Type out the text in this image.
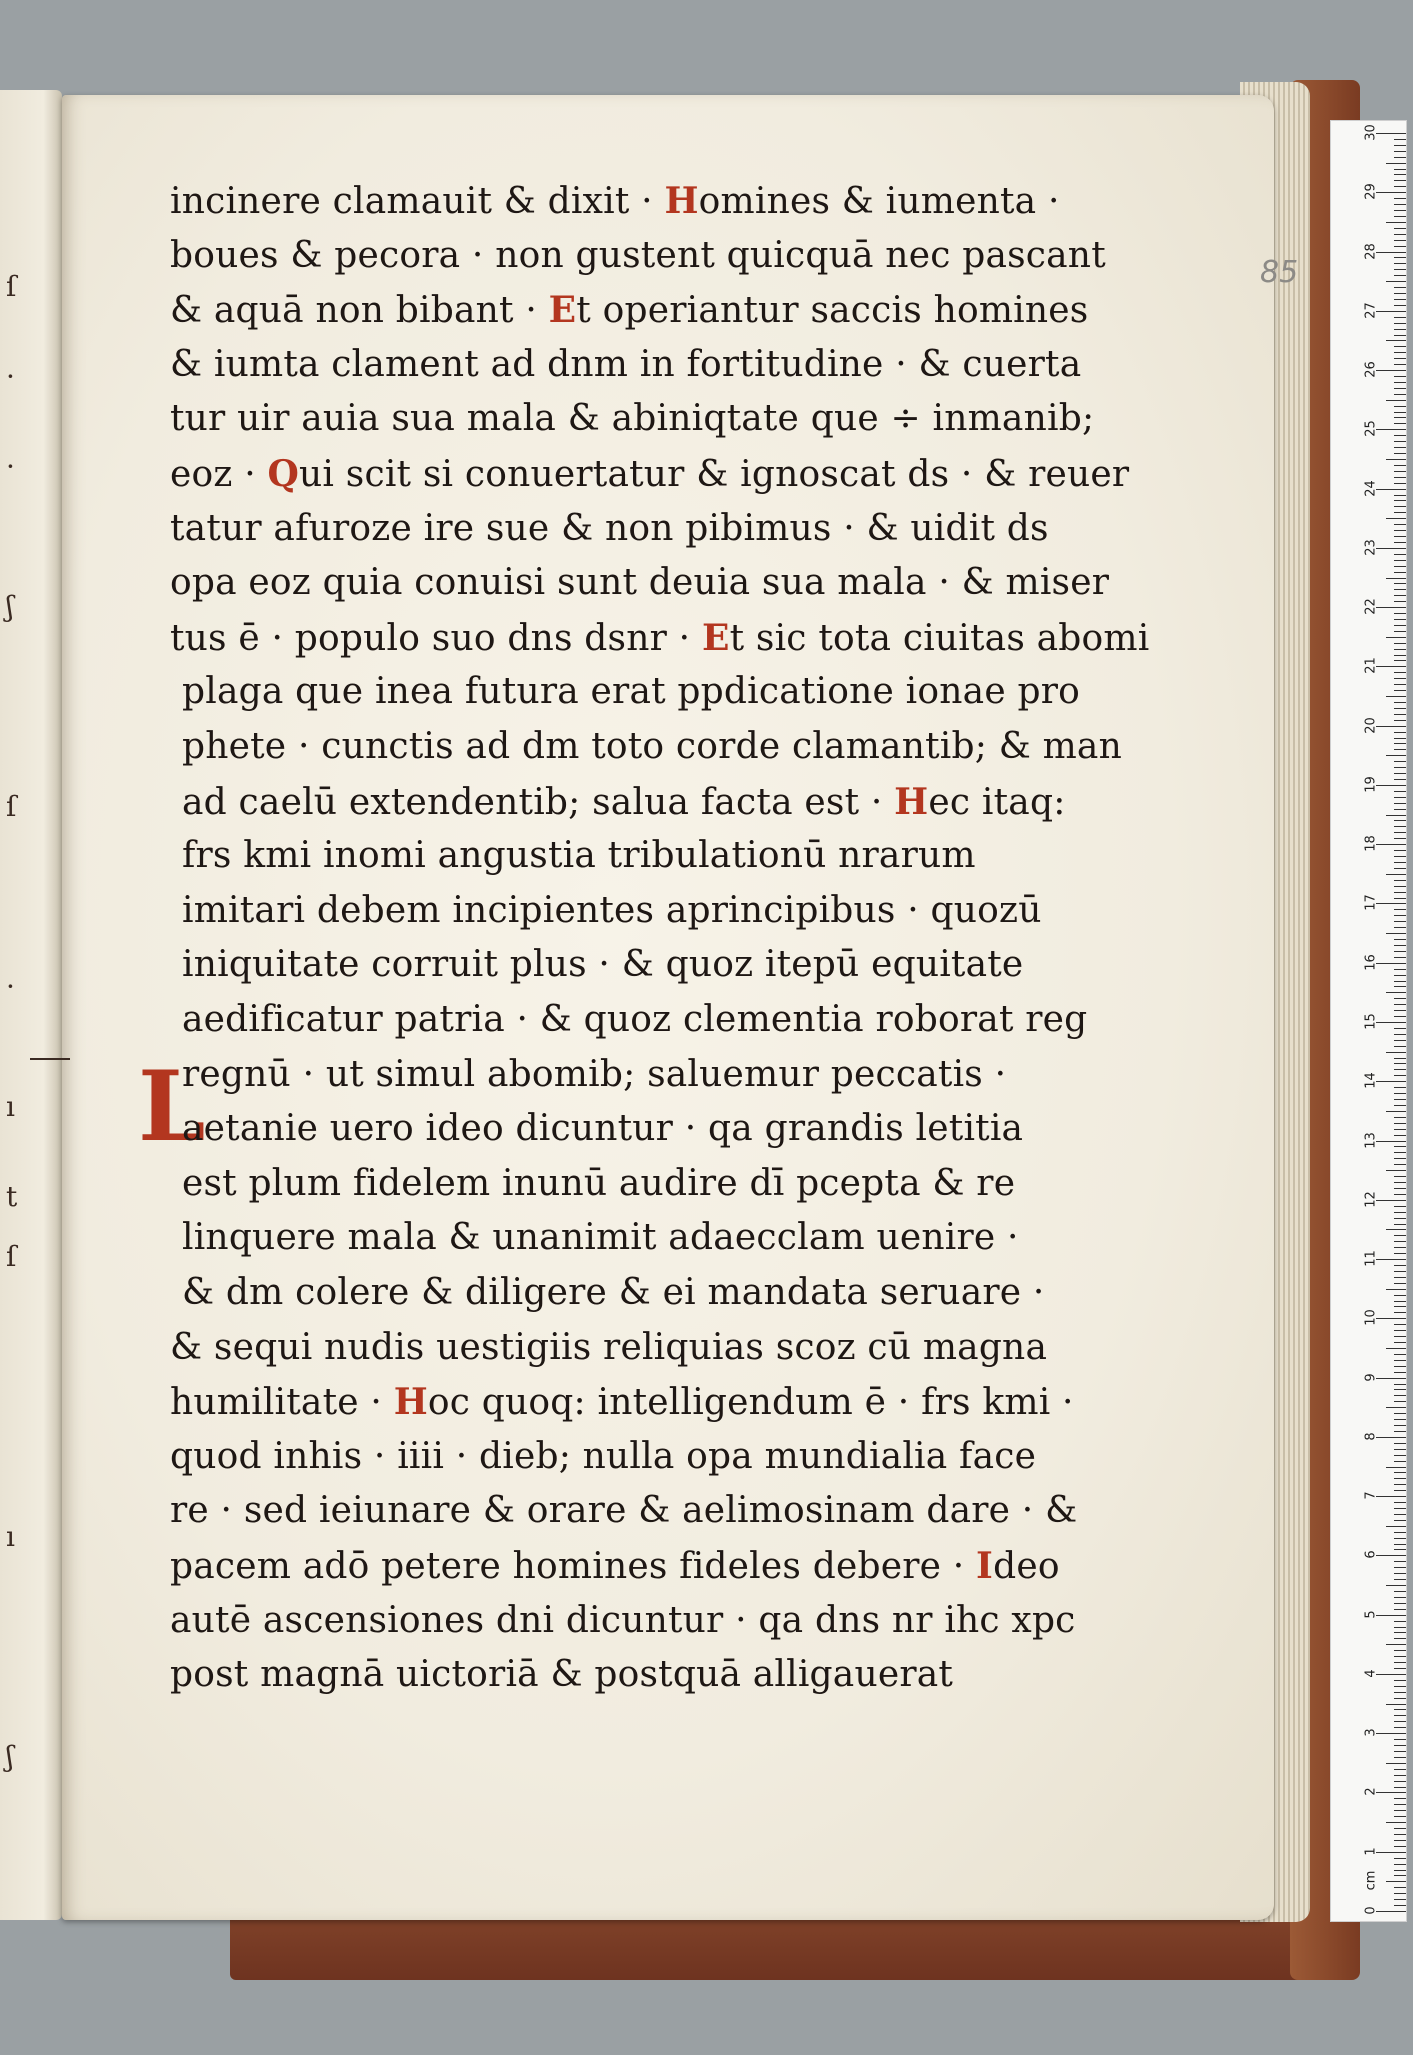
ſ
·
·
ʃ
ſ
·
ı
t
ſ
ı
ʃ
85
L
incinere clamauit & dixit · Homines & iumenta ·
boues & pecora · non gustent quicquā nec pascant
& aquā non bibant · Et operiantur saccis homines
& iumta clament ad dnm in fortitudine · & cuerta
tur uir auia sua mala & abiniqtate que ÷ inmanib;
eoz · Qui scit si conuertatur & ignoscat ds · & reuer
tatur afuroze ire sue & non pibimus · & uidit ds
opa eoz quia conuisi sunt deuia sua mala · & miser
tus ē · populo suo dns dsnr · Et sic tota ciuitas abomi
plaga que inea futura erat ppdicatione ionae pro
phete · cunctis ad dm toto corde clamantib; & man
ad caelū extendentib; salua facta est · Hec itaq:
frs kmi inomi angustia tribulationū nrarum
imitari debem incipientes aprincipibus · quozū
iniquitate corruit plus · & quoz itерū equitate
aedificatur patria · & quoz clementia roborat reg
regnū · ut simul abomib; saluemur peccatis ·
aetanie uero ideo dicuntur · qa grandis letitia
est plum fidelem inunū audire dī pcepta & re
linquere mala & unanimit adaecclam uenire ·
& dm colere & diligere & ei mandata seruare ·
& sequi nudis uestigiis reliquias scoz cū magna
humilitate · Hoc quoq: intelligendum ē · frs kmi ·
quod inhis · iiii · dieb; nulla opa mundialia face
re · sed ieiunare & orare & aelimosinam dare · &
pacem adō petere homines fideles debere · Ideo
autē ascensiones dni dicuntur · qa dns nr ihc xpc
post magnā uictoriā & postquā alligauerat
0
1
2
3
4
5
6
7
8
9
10
11
12
13
14
15
16
17
18
19
20
21
22
23
24
25
26
27
28
29
30
cm
